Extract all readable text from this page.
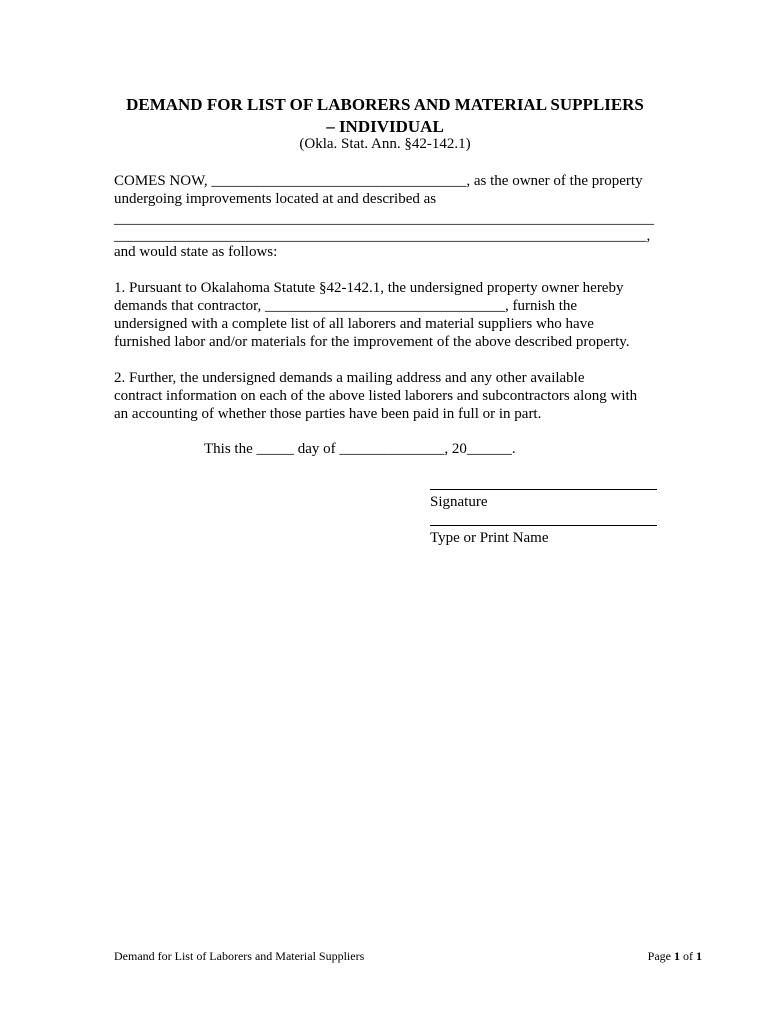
DEMAND FOR LIST OF LABORERS AND MATERIAL SUPPLIERS
– INDIVIDUAL
(Okla. Stat. Ann. §42-142.1)
COMES NOW, __________________________________, as the owner of the property
undergoing improvements located at and described as
________________________________________________________________________
_______________________________________________________________________,
and would state as follows:
1. Pursuant to Okalahoma Statute §42-142.1, the undersigned property owner hereby
demands that contractor, ________________________________, furnish the
undersigned with a complete list of all laborers and material suppliers who have
furnished labor and/or materials for the improvement of the above described property.
2. Further, the undersigned demands a mailing address and any other available
contract information on each of the above listed laborers and subcontractors along with
an accounting of whether those parties have been paid in full or in part.
This the _____ day of ______________, 20______.
Signature
Type or Print Name
Demand for List of Laborers and Material Suppliers	Page 1 of 1
